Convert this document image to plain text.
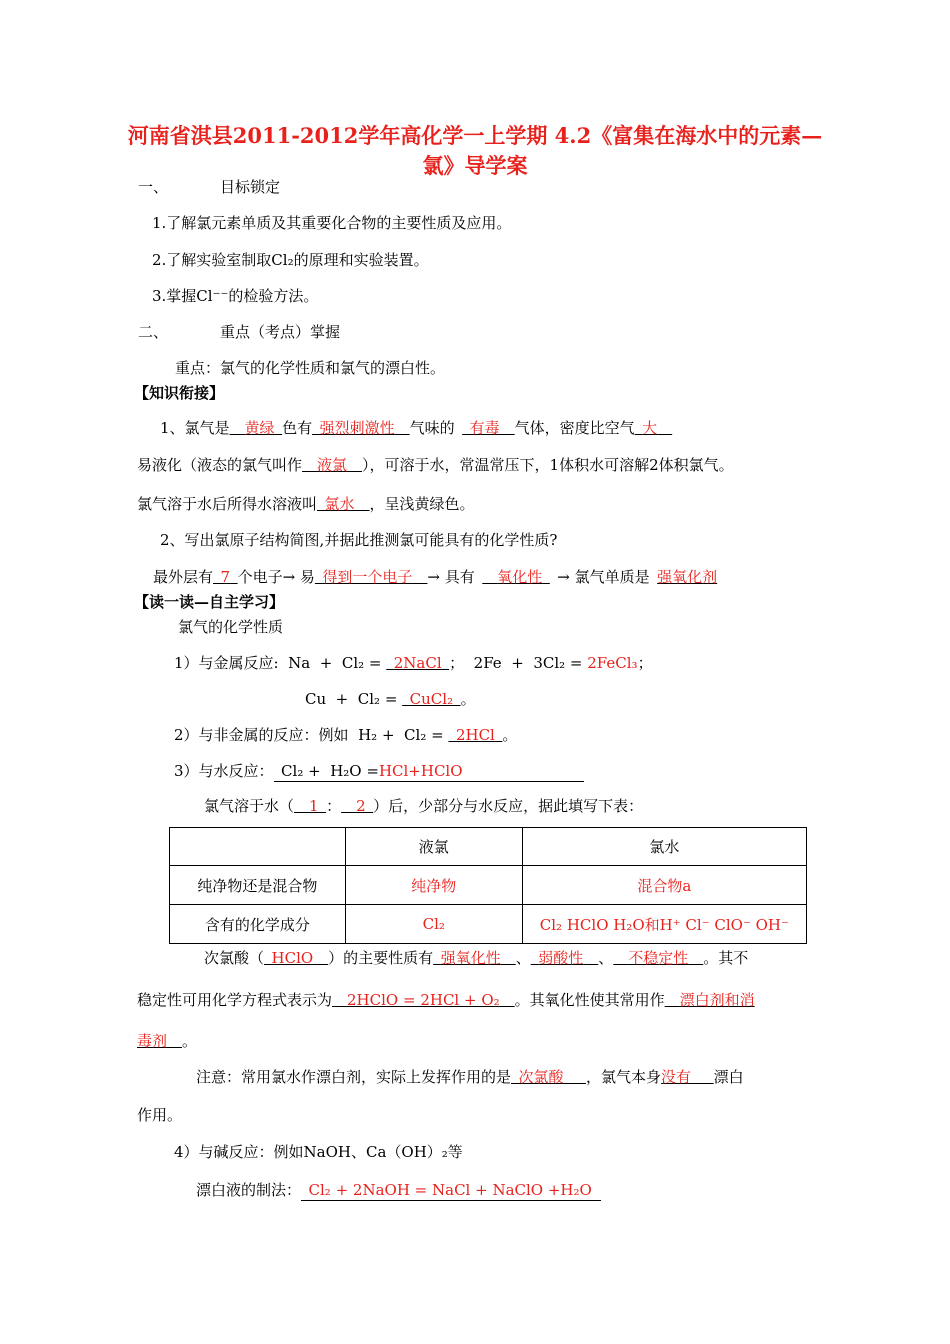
河南省淇县2011-2012学年高化学一上学期 4.2《富集在海水中的元素—氯》导学案
一、	目标锁定
1.了解氯元素单质及其重要化合物的主要性质及应用。
2.了解实验室制取Cl₂的原理和实验装置。
3.掌握Cl⁻⁻的检验方法。
二、	重点（考点）掌握
重点：氯气的化学性质和氯气的漂白性。
【知识衔接】
1、氯气是   黄绿  色有  强烈刺激性   气味的   有毒   气体，密度比空气  大  
易液化（液态的氯气叫作   液氯   ），可溶于水，常温常压下，1体积水可溶解2体积氯气。
氯气溶于水后所得水溶液叫  氯水   ，呈浅黄绿色。
2、写出氯原子结构简图,并据此推测氯可能具有的化学性质?
最外层有  7  个电子→ 易  得到一个电子   → 具有    氧化性   → 氯气单质是  强氧化剂
【读一读—自主学习】
氯气的化学性质
1）与金属反应:  Na  +  Cl₂ =  2NaCl  ；  2Fe  +  3Cl₂ = 2FeCl₃；
Cu  +  Cl₂ =  CuCl₂  。
2）与非金属的反应：例如  H₂ +  Cl₂ =  2HCl  。
3）与水反应：  Cl₂ +  H₂O =HCl+HClO
氯气溶于水（   1  ：   2  ）后，少部分与水反应，据此填写下表：
	液氯	氯水
纯净物还是混合物	纯净物	混合物a
含有的化学成分	Cl₂	Cl₂ HClO H₂O和H⁺ Cl⁻ ClO⁻ OH⁻
次氯酸（  HClO   ）的主要性质有  强氧化性   、  弱酸性   、   不稳定性   。其不
稳定性可用化学方程式表示为   2HClO = 2HCl + O₂   。其氧化性使其常用作   漂白剂和消
毒剂   。
注意：常用氯水作漂白剂，实际上发挥作用的是  次氯酸    ，氯气本身没有    漂白
作用。
4）与碱反应：例如NaOH、Ca（OH）₂等
漂白液的制法：  Cl₂ + 2NaOH = NaCl + NaClO +H₂O
